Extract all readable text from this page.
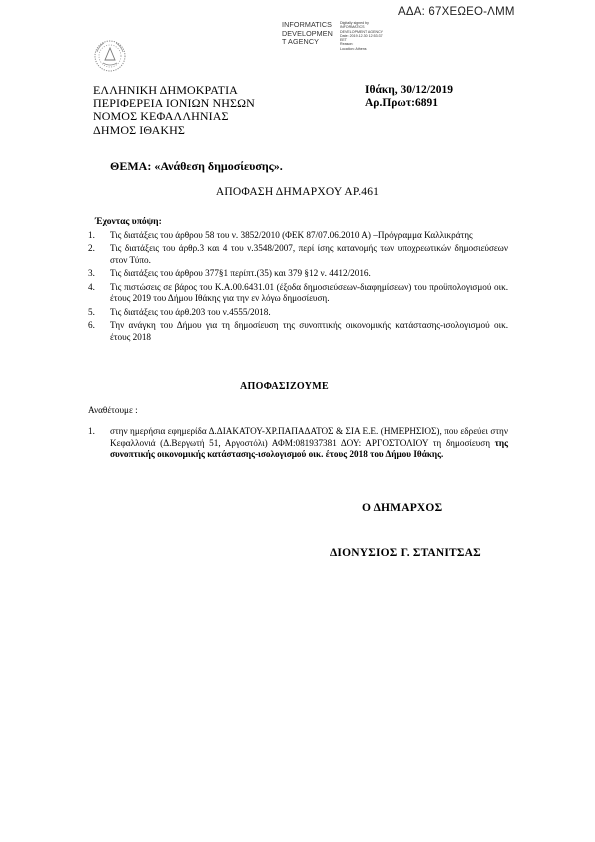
ΑΔΑ: 67ΧΕΩΕΟ-ΛΜΜ
INFORMATICS
DEVELOPMEN
T AGENCY
Digitally signed by
INFORMATICS
DEVELOPMENT AGENCY
Date: 2019.12.30 12:53:37
EET
Reason:
Location: Athens
ΕΛΛΗΝΙΚΗ ΔΗΜΟΚΡΑΤΙΑ
ΠΕΡΙΦΕΡΕΙΑ ΙΟΝΙΩΝ ΝΗΣΩΝ
ΝΟΜΟΣ ΚΕΦΑΛΛΗΝΙΑΣ
ΔΗΜΟΣ ΙΘΑΚΗΣ
Ιθάκη, 30/12/2019
Αρ.Πρωτ:6891
ΘΕΜΑ: «Ανάθεση δημοσίευσης».
ΑΠΟΦΑΣΗ ΔΗΜΑΡΧΟΥ ΑΡ.461
Έχοντας υπόψη:
1. Τις διατάξεις του άρθρου 58 του ν. 3852/2010 (ΦΕΚ 87/07.06.2010 Α) –Πρόγραμμα Καλλικράτης
2. Τις διατάξεις του άρθρ.3 και 4 του ν.3548/2007, περί ίσης κατανομής των υποχρεωτικών δημοσιεύσεων στον Τύπο.
3. Τις διατάξεις του άρθρου 377§1 περίπτ.(35) και 379 §12 ν. 4412/2016.
4. Τις πιστώσεις σε βάρος του Κ.Α.00.6431.01 (έξοδα δημοσιεύσεων-διαφημίσεων) του προϋπολογισμού οικ. έτους 2019 του Δήμου Ιθάκης για την εν λόγω δημοσίευση.
5. Τις διατάξεις του άρθ.203 του ν.4555/2018.
6. Την ανάγκη του Δήμου για τη δημοσίευση της συνοπτικής οικονομικής κατάστασης-ισολογισμού οικ. έτους 2018
ΑΠΟΦΑΣΙΖΟΥΜΕ
Αναθέτουμε :
1. στην ημερήσια εφημερίδα Δ.ΔΙΑΚΑΤΟΥ-ΧΡ.ΠΑΠΑΔΑΤΟΣ & ΣΙΑ Ε.Ε. (ΗΜΕΡΗΣΙΟΣ), που εδρεύει στην Κεφαλλονιά (Δ.Βεργωτή 51, Αργοστόλι) ΑΦΜ:081937381 ΔΟΥ: ΑΡΓΟΣΤΟΛΙΟΥ τη δημοσίευση της συνοπτικής οικονομικής κατάστασης-ισολογισμού οικ. έτους 2018 του Δήμου Ιθάκης.
Ο ΔΗΜΑΡΧΟΣ
ΔΙΟΝΥΣΙΟΣ Γ. ΣΤΑΝΙΤΣΑΣ
